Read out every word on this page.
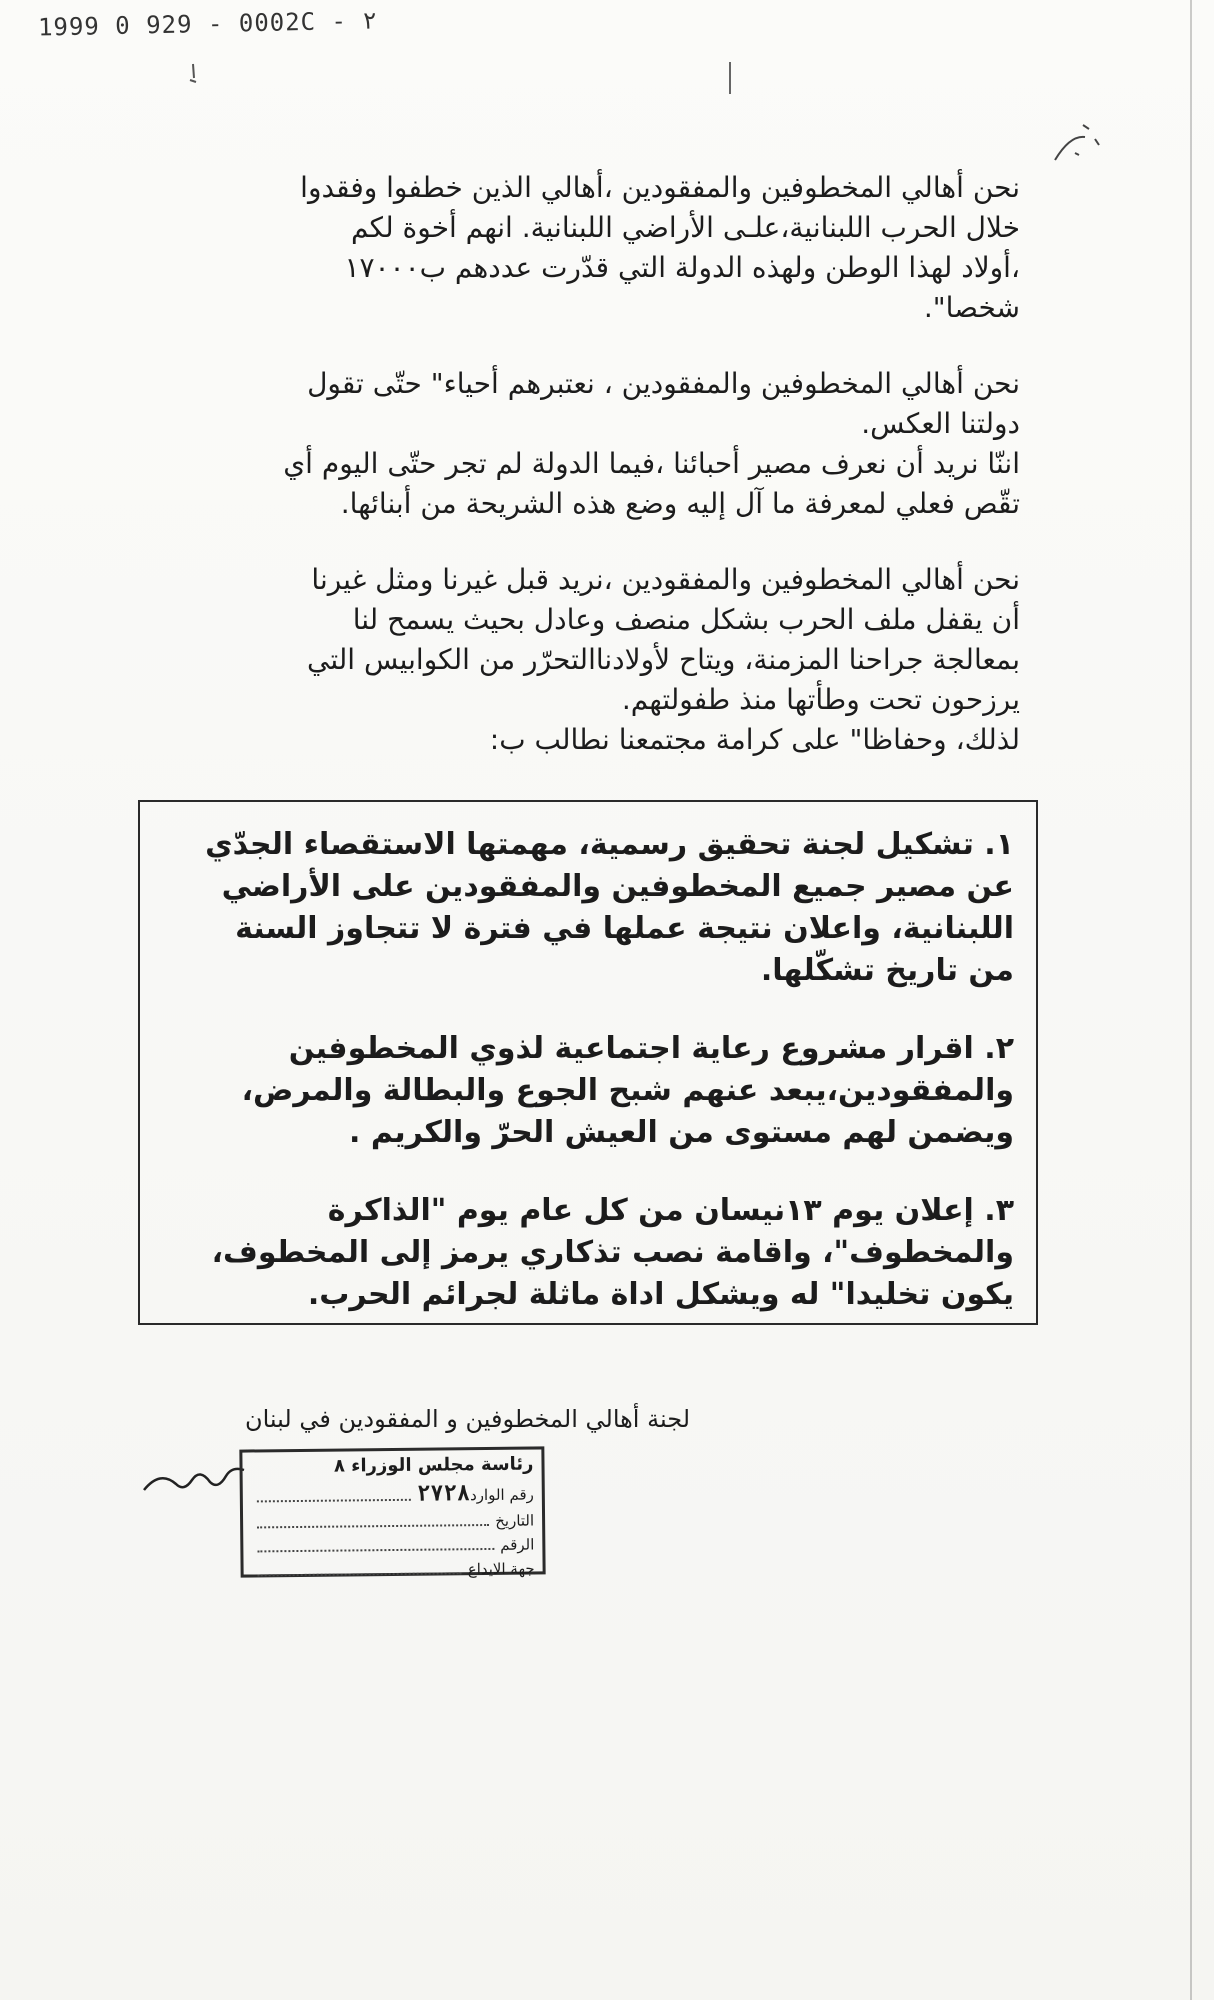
1999 0 929 - 0002C - ٢

نحن أهالي المخطوفين والمفقودين ،أهالي الذين خطفوا وفقدوا
خلال الحرب اللبنانية،علـى الأراضي اللبنانية. انهم أخوة لكم
،أولاد لهذا الوطن ولهذه الدولة التي قدّرت عددهم ب١٧٠٠٠
شخصا".

نحن أهالي المخطوفين والمفقودين ، نعتبرهم أحياء" حتّى تقول
دولتنا العكس.
اننّا نريد أن نعرف مصير أحبائنا ،فيما الدولة لم تجر حتّى اليوم أي
تقّص فعلي لمعرفة ما آل إليه وضع هذه الشريحة من أبنائها.

نحن أهالي المخطوفين والمفقودين ،نريد قبل غيرنا ومثل غيرنا
أن يقفل ملف الحرب بشكل منصف وعادل بحيث يسمح لنا
بمعالجة جراحنا المزمنة، ويتاح لأولادناالتحرّر من الكوابيس التي
يرزحون تحت وطأتها منذ طفولتهم.
لذلك، وحفاظا" على كرامة مجتمعنا نطالب ب:

١. تشكيل لجنة تحقيق رسمية، مهمتها الاستقصاء الجدّي
عن مصير جميع المخطوفين والمفقودين على الأراضي
اللبنانية، واعلان نتيجة عملها في فترة لا تتجاوز السنة
من تاريخ تشكّلها.
٢. اقرار مشروع رعاية اجتماعية لذوي المخطوفين
والمفقودين،يبعد عنهم شبح الجوع والبطالة والمرض،
ويضمن لهم مستوى من العيش الحرّ والكريم .
٣. إعلان يوم ١٣نيسان من كل عام يوم "الذاكرة
والمخطوف"، واقامة نصب تذكاري يرمز إلى المخطوف،
يكون تخليدا" له ويشكل اداة ماثلة لجرائم الحرب.
لجنة أهالي المخطوفين و المفقودين في لبنان
رئاسة مجلس الوزراء ٨
رقم الوارد
٢٧٢٨
التاريخ
الرقم
جهة الايداع
